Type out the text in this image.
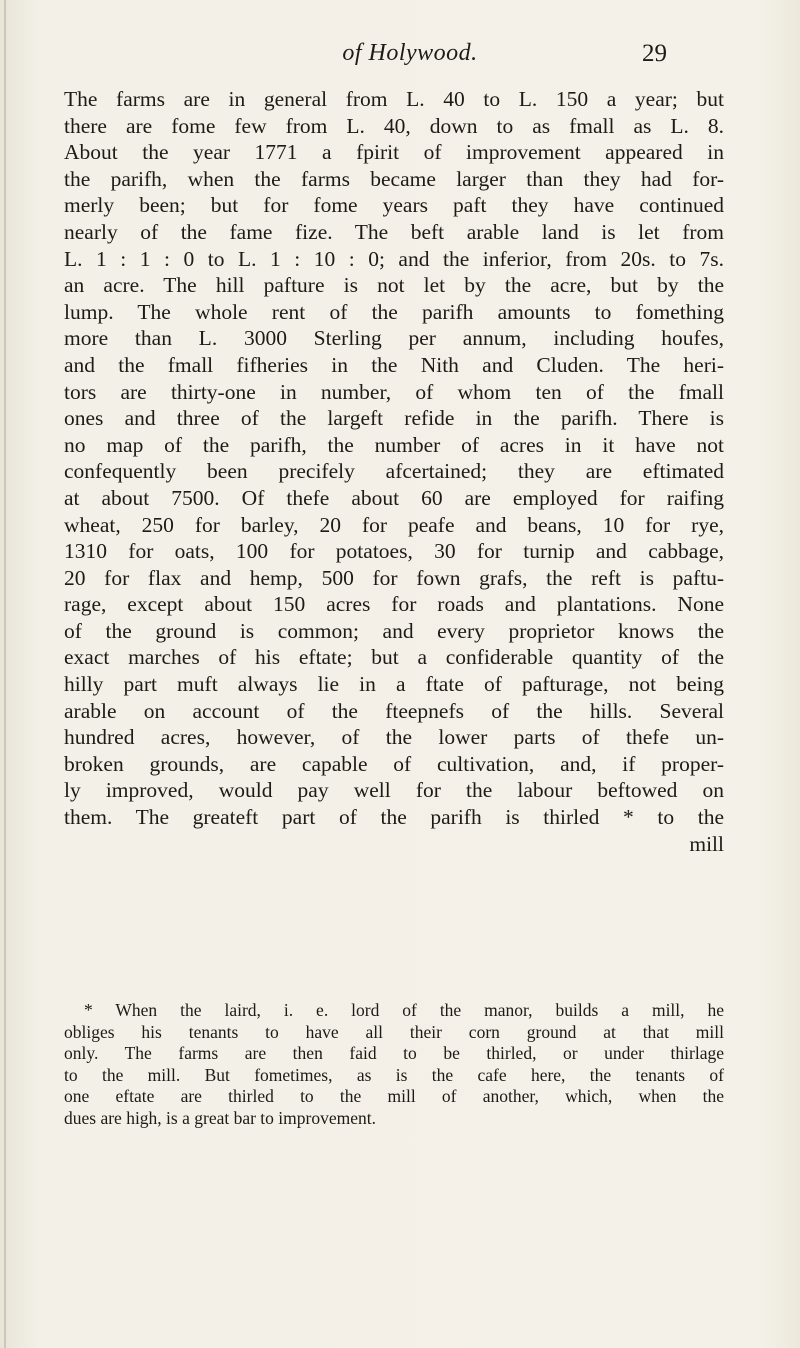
of Holywood.	29
The farms are in general from L. 40 to L. 150 a year; but
there are fome few from L. 40, down to as fmall as L. 8.
About the year 1771 a fpirit of improvement appeared in
the parifh, when the farms became larger than they had for-
merly been; but for fome years paft they have continued
nearly of the fame fize. The beft arable land is let from
L. 1 : 1 : 0 to L. 1 : 10 : 0; and the inferior, from 20s. to 7s.
an acre. The hill pafture is not let by the acre, but by the
lump. The whole rent of the parifh amounts to fomething
more than L. 3000 Sterling per annum, including houfes,
and the fmall fifheries in the Nith and Cluden. The heri-
tors are thirty-one in number, of whom ten of the fmall
ones and three of the largeft refide in the parifh. There is
no map of the parifh, the number of acres in it have not
confequently been precifely afcertained; they are eftimated
at about 7500. Of thefe about 60 are employed for raifing
wheat, 250 for barley, 20 for peafe and beans, 10 for rye,
1310 for oats, 100 for potatoes, 30 for turnip and cabbage,
20 for flax and hemp, 500 for fown grafs, the reft is paftu-
rage, except about 150 acres for roads and plantations. None
of the ground is common; and every proprietor knows the
exact marches of his eftate; but a confiderable quantity of the
hilly part muft always lie in a ftate of pafturage, not being
arable on account of the fteepnefs of the hills. Several
hundred acres, however, of the lower parts of thefe un-
broken grounds, are capable of cultivation, and, if proper-
ly improved, would pay well for the labour beftowed on
them. The greateft part of the parifh is thirled * to the
mill
* When the laird, i. e. lord of the manor, builds a mill, he
obliges his tenants to have all their corn ground at that mill
only. The farms are then faid to be thirled, or under thirlage
to the mill. But fometimes, as is the cafe here, the tenants of
one eftate are thirled to the mill of another, which, when the
dues are high, is a great bar to improvement.
